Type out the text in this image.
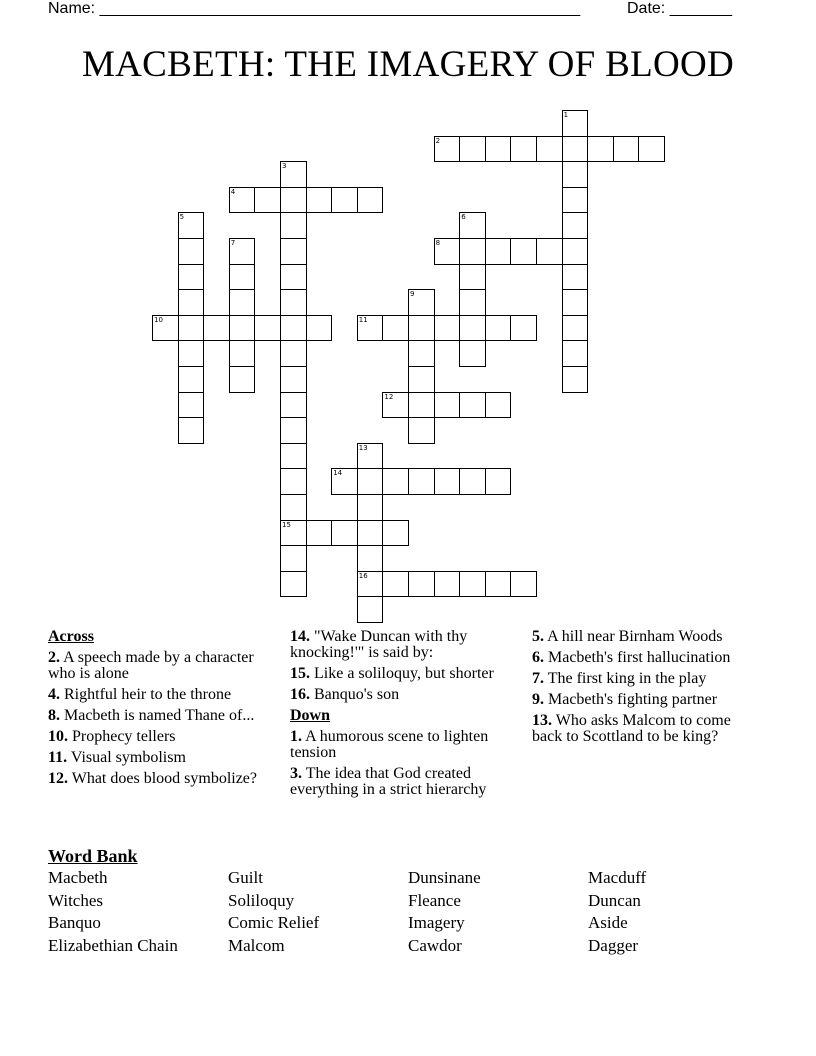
Name: ______________________________________________________	Date: _______
MACBETH: THE IMAGERY OF BLOOD
1
2
3
15
4
5	6
7	8
9
10	11
12
13
16
14
Across
2. A speech made by a character who is alone
4. Rightful heir to the throne
8. Macbeth is named Thane of...
10. Prophecy tellers
11. Visual symbolism
12. What does blood symbolize?
14. "Wake Duncan with thy knocking!'" is said by:
15. Like a soliloquy, but shorter
16. Banquo's son
Down
1. A humorous scene to lighten tension
3. The idea that God created everything in a strict hierarchy
5. A hill near Birnham Woods
6. Macbeth's first hallucination
7. The first king in the play
9. Macbeth's fighting partner
13. Who asks Malcom to come back to Scottland to be king?
Word Bank
Macbeth	Guilt	Dunsinane	Macduff
Witches	Soliloquy	Fleance	Duncan
Banquo	Comic Relief	Imagery	Aside
Elizabethian Chain	Malcom	Cawdor	Dagger
